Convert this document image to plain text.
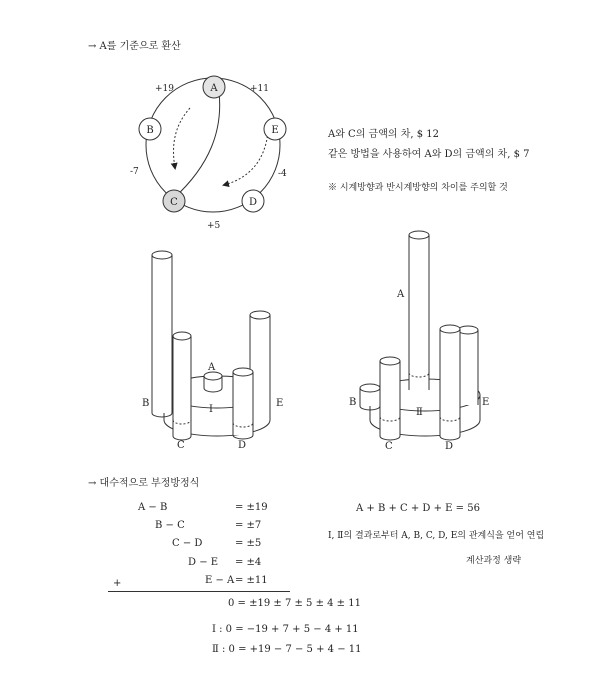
→ A를 기준으로 환산
A
B	E
C	D
+19	+11
-7	-4
+5
A와 C의 금액의 차, $ 12
같은 방법을 사용하여 A와 D의 금액의 차, $ 7
※ 시계방향과 반시계방향의 차이를 주의할 것
A
B
C	D
E
I
A
B
C	D
E
Ⅱ
→ 대수적으로 부정방정식
A − B	= ±19
B − C	= ±7
C − D	= ±5
D − E = ±4
E − A = ±11
+
0 = ±19 ± 7 ± 5 ± 4 ± 11
Ⅰ : 0 = −19 + 7 + 5 − 4 + 11
Ⅱ : 0 = +19 − 7 − 5 + 4 − 11
A + B + C + D + E = 56
Ⅰ, Ⅱ의 결과로부터 A, B, C, D, E의 관계식을 얻어 연립
계산과정 생략
